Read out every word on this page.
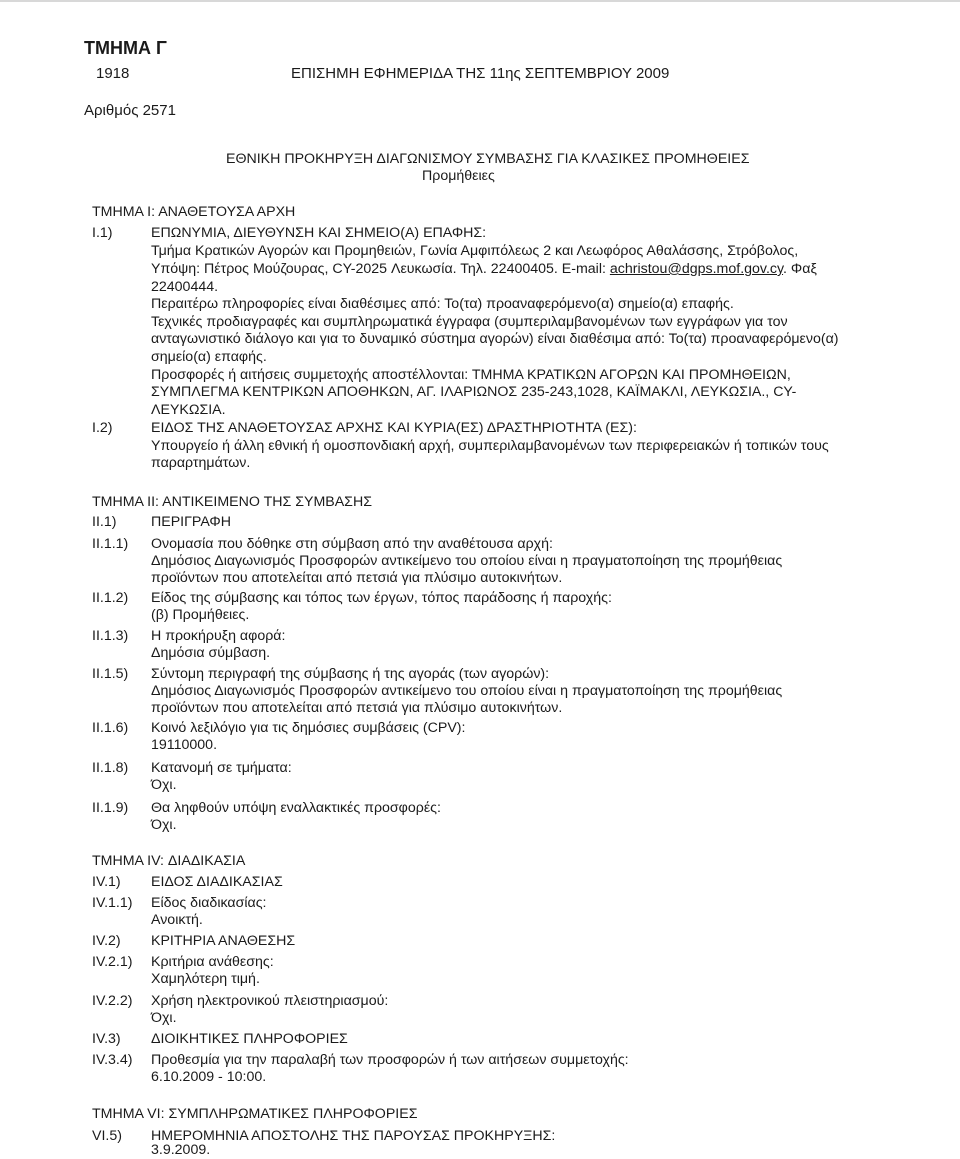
ΤΜΗΜΑ Γ
1918	ΕΠΙΣΗΜΗ ΕΦΗΜΕΡΙΔΑ ΤΗΣ 11ης ΣΕΠΤΕΜΒΡΙΟΥ 2009
Αριθμός 2571
ΕΘΝΙΚΗ ΠΡΟΚΗΡΥΞΗ ΔΙΑΓΩΝΙΣΜΟΥ ΣΥΜΒΑΣΗΣ ΓΙΑ ΚΛΑΣΙΚΕΣ ΠΡΟΜΗΘΕΙΕΣ
Προμήθειες
ΤΜΗΜΑ Ι: ΑΝΑΘΕΤΟΥΣΑ ΑΡΧΗ
Ι.1)	ΕΠΩΝΥΜΙΑ, ΔΙΕΥΘΥΝΣΗ ΚΑΙ ΣΗΜΕΙΟ(Α) ΕΠΑΦΗΣ:
Τμήμα Κρατικών Αγορών και Προμηθειών, Γωνία Αμφιπόλεως 2 και Λεωφόρος Αθαλάσσης, Στρόβολος,
Υπόψη: Πέτρος Μούζουρας, CY-2025 Λευκωσία. Τηλ. 22400405. E-mail: achristou@dgps.mof.gov.cy. Φαξ
22400444.
Περαιτέρω πληροφορίες είναι διαθέσιμες από: Το(τα) προαναφερόμενο(α) σημείο(α) επαφής.
Τεχνικές προδιαγραφές και συμπληρωματικά έγγραφα (συμπεριλαμβανομένων των εγγράφων για τον
ανταγωνιστικό διάλογο και για το δυναμικό σύστημα αγορών) είναι διαθέσιμα από: Το(τα) προαναφερόμενο(α)
σημείο(α) επαφής.
Προσφορές ή αιτήσεις συμμετοχής αποστέλλονται: ΤΜΗΜΑ ΚΡΑΤΙΚΩΝ ΑΓΟΡΩΝ ΚΑΙ ΠΡΟΜΗΘΕΙΩΝ,
ΣΥΜΠΛΕΓΜΑ ΚΕΝΤΡΙΚΩΝ ΑΠΟΘΗΚΩΝ, ΑΓ. ΙΛΑΡΙΩΝΟΣ 235-243,1028, ΚΑΪΜΑΚΛΙ, ΛΕΥΚΩΣΙΑ., CY-
ΛΕΥΚΩΣΙΑ.
Ι.2)	ΕΙΔΟΣ ΤΗΣ ΑΝΑΘΕΤΟΥΣΑΣ ΑΡΧΗΣ ΚΑΙ ΚΥΡΙΑ(ΕΣ) ΔΡΑΣΤΗΡΙΟΤΗΤΑ (ΕΣ):
Υπουργείο ή άλλη εθνική ή ομοσπονδιακή αρχή, συμπεριλαμβανομένων των περιφερειακών ή τοπικών τους
παραρτημάτων.
ΤΜΗΜΑ ΙΙ: ΑΝΤΙΚΕΙΜΕΝΟ ΤΗΣ ΣΥΜΒΑΣΗΣ
ΙΙ.1) ΠΕΡΙΓΡΑΦΗ
ΙΙ.1.1) Ονομασία που δόθηκε στη σύμβαση από την αναθέτουσα αρχή:
Δημόσιος Διαγωνισμός Προσφορών αντικείμενο του οποίου είναι η πραγματοποίηση της προμήθειας
προϊόντων που αποτελείται από πετσιά για πλύσιμο αυτοκινήτων.
ΙΙ.1.2) Είδος της σύμβασης και τόπος των έργων, τόπος παράδοσης ή παροχής:
(β) Προμήθειες.
ΙΙ.1.3) Η προκήρυξη αφορά:
Δημόσια σύμβαση.
ΙΙ.1.5) Σύντομη περιγραφή της σύμβασης ή της αγοράς (των αγορών):
Δημόσιος Διαγωνισμός Προσφορών αντικείμενο του οποίου είναι η πραγματοποίηση της προμήθειας
προϊόντων που αποτελείται από πετσιά για πλύσιμο αυτοκινήτων.
ΙΙ.1.6) Κοινό λεξιλόγιο για τις δημόσιες συμβάσεις (CPV):
19110000.
ΙΙ.1.8) Κατανομή σε τμήματα:
Όχι.
ΙΙ.1.9) Θα ληφθούν υπόψη εναλλακτικές προσφορές:
Όχι.
ΤΜΗΜΑ IV: ΔΙΑΔΙΚΑΣΙΑ
IV.1) ΕΙΔΟΣ ΔΙΑΔΙΚΑΣΙΑΣ
IV.1.1) Είδος διαδικασίας:
Ανοικτή.
IV.2) ΚΡΙΤΗΡΙΑ ΑΝΑΘΕΣΗΣ
IV.2.1) Κριτήρια ανάθεσης:
Χαμηλότερη τιμή.
IV.2.2) Χρήση ηλεκτρονικού πλειστηριασμού:
Όχι.
IV.3) ΔΙΟΙΚΗΤΙΚΕΣ ΠΛΗΡΟΦΟΡΙΕΣ
IV.3.4) Προθεσμία για την παραλαβή των προσφορών ή των αιτήσεων συμμετοχής:
6.10.2009 - 10:00.
ΤΜΗΜΑ VI: ΣΥΜΠΛΗΡΩΜΑΤΙΚΕΣ ΠΛΗΡΟΦΟΡΙΕΣ
VI.5) ΗΜΕΡΟΜΗΝΙΑ ΑΠΟΣΤΟΛΗΣ ΤΗΣ ΠΑΡΟΥΣΑΣ ΠΡΟΚΗΡΥΞΗΣ:
3.9.2009.
